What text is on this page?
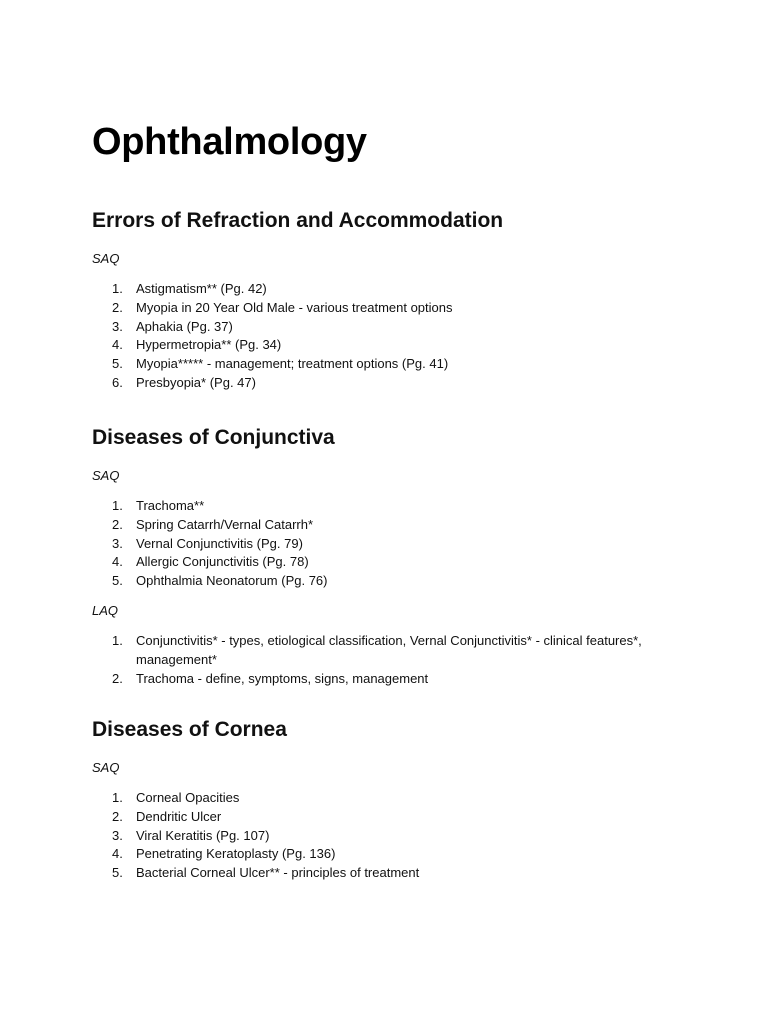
Ophthalmology
Errors of Refraction and Accommodation

SAQ

1. Astigmatism** (Pg. 42)
2. Myopia in 20 Year Old Male - various treatment options
3. Aphakia (Pg. 37)
4. Hypermetropia** (Pg. 34)
5. Myopia***** - management; treatment options (Pg. 41)
6. Presbyopia* (Pg. 47)
Diseases of Conjunctiva

SAQ

1. Trachoma**
2. Spring Catarrh/Vernal Catarrh*
3. Vernal Conjunctivitis (Pg. 79)
4. Allergic Conjunctivitis (Pg. 78)
5. Ophthalmia Neonatorum (Pg. 76)

LAQ

1. Conjunctivitis* - types, etiological classification, Vernal Conjunctivitis* - clinical features*, management*
2. Trachoma - define, symptoms, signs, management
Diseases of Cornea

SAQ

1. Corneal Opacities
2. Dendritic Ulcer
3. Viral Keratitis (Pg. 107)
4. Penetrating Keratoplasty (Pg. 136)
5. Bacterial Corneal Ulcer** - principles of treatment
